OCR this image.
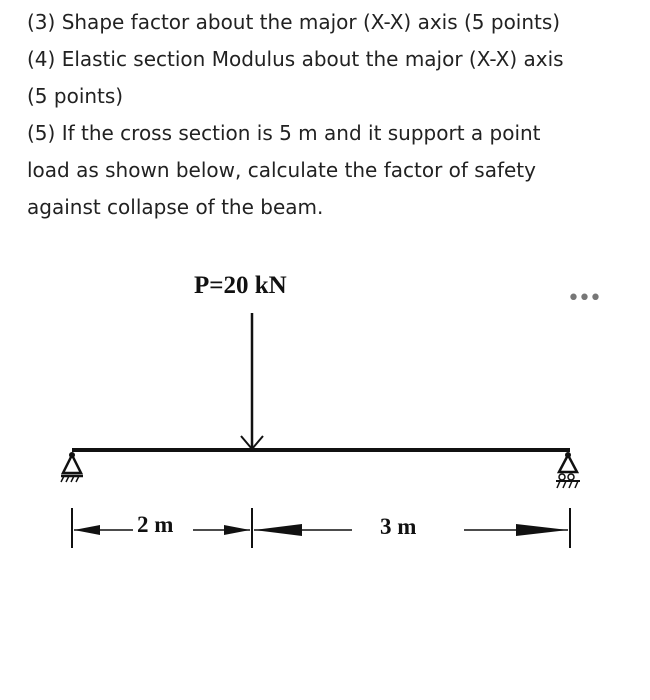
(3) Shape factor about the major (X-X) axis (5 points)

(4) Elastic section Modulus about the major (X-X) axis

(5 points)

(5) If the cross section is 5 m and it support a point

load as shown below, calculate the factor of safety

against collapse of the beam.

P=20 kN
2 m	3 m
•••
